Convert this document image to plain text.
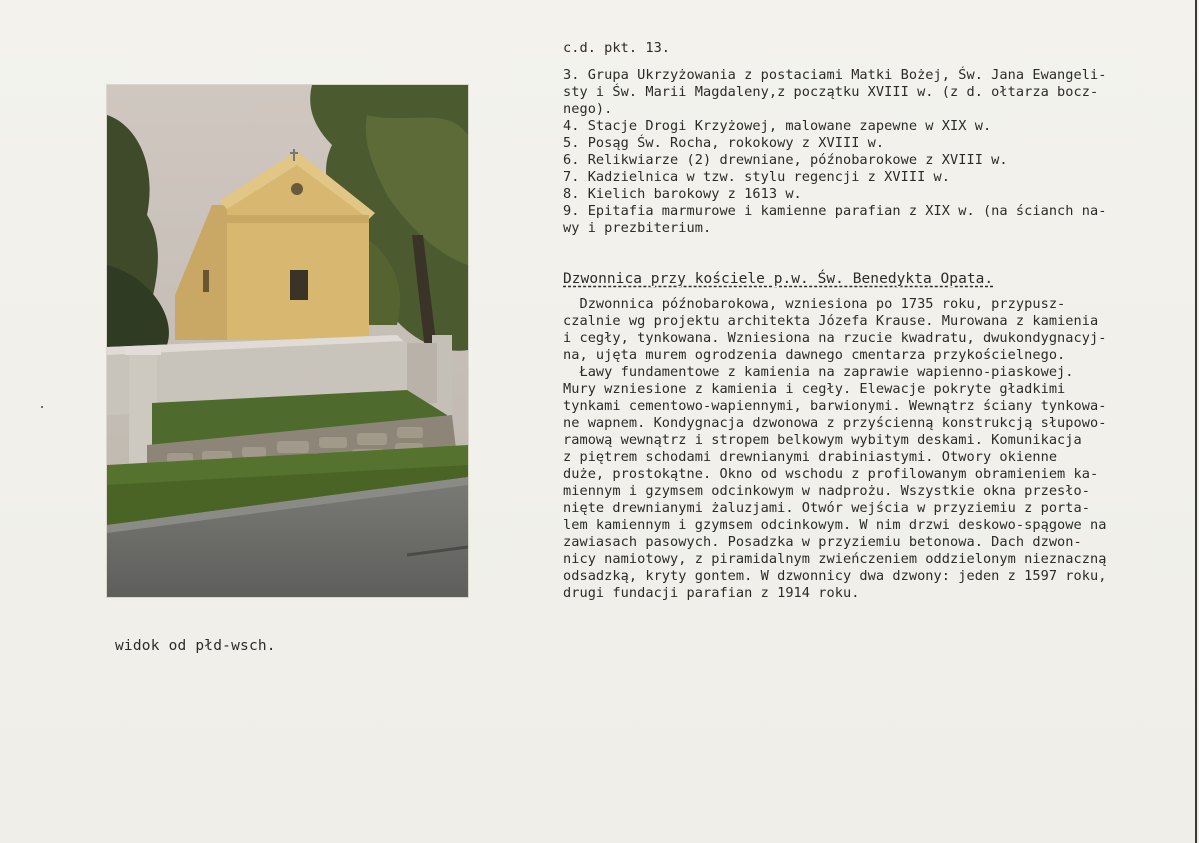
widok od płd-wsch.
c.d. pkt. 13.
3. Grupa Ukrzyżowania z postaciami Matki Bożej, Św. Jana Ewangeli-
sty i Św. Marii Magdaleny,z początku XVIII w. (z d. ołtarza bocz-
nego).
4. Stacje Drogi Krzyżowej, malowane zapewne w XIX w.
5. Posąg Św. Rocha, rokokowy z XVIII w.
6. Relikwiarze (2) drewniane, późnobarokowe z XVIII w.
7. Kadzielnica w tzw. stylu regencji z XVIII w.
8. Kielich barokowy z 1613 w.
9. Epitafia marmurowe i kamienne parafian z XIX w. (na ścianch na-
wy i prezbiterium.
Dzwonnica przy kościele p.w. Św. Benedykta Opata.

Dzwonnica późnobarokowa, wzniesiona po 1735 roku, przypusz-

czalnie wg projektu architekta Józefa Krause. Murowana z kamienia

i cegły, tynkowana. Wzniesiona na rzucie kwadratu, dwukondygnacyj-

na, ujęta murem ogrodzenia dawnego cmentarza przykościelnego.

Ławy fundamentowe z kamienia na zaprawie wapienno-piaskowej.

Mury wzniesione z kamienia i cegły. Elewacje pokryte gładkimi

tynkami cementowo-wapiennymi, barwionymi. Wewnątrz ściany tynkowa-

ne wapnem. Kondygnacja dzwonowa z przyścienną konstrukcją słupowo-

ramową wewnątrz i stropem belkowym wybitym deskami. Komunikacja

z piętrem schodami drewnianymi drabiniastymi. Otwory okienne

duże, prostokątne. Okno od wschodu z profilowanym obramieniem ka-

miennym i gzymsem odcinkowym w nadprożu. Wszystkie okna przesło-

nięte drewnianymi żaluzjami. Otwór wejścia w przyziemiu z porta-

lem kamiennym i gzymsem odcinkowym. W nim drzwi deskowo-spągowe na

zawiasach pasowych. Posadzka w przyziemiu betonowa. Dach dzwon-

nicy namiotowy, z piramidalnym zwieńczeniem oddzielonym nieznaczną

odsadzką, kryty gontem. W dzwonnicy dwa dzwony: jeden z 1597 roku,

drugi fundacji parafian z 1914 roku.
